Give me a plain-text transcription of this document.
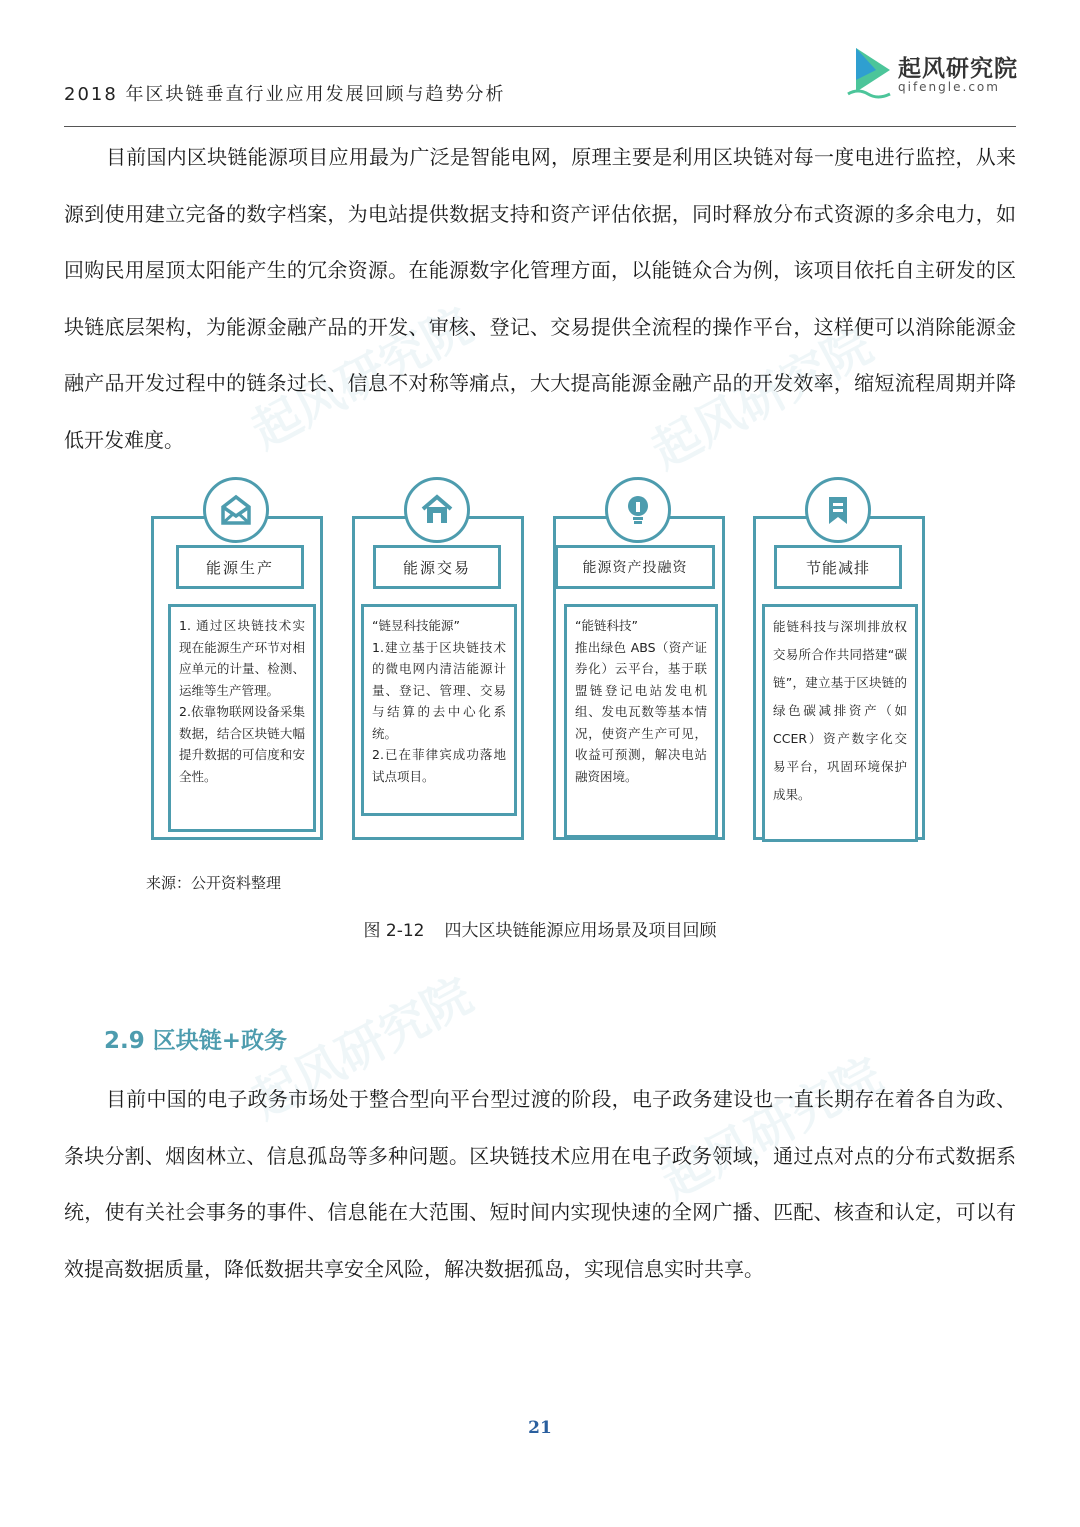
起风研究院	起风研究院
起风研究院	起风研究院
2018 年区块链垂直行业应用发展回顾与趋势分析
起风研究院
qifengle.com
目前国内区块链能源项目应用最为广泛是智能电网，原理主要是利用区块链对每一度电进行监控，从来源到使用建立完备的数字档案，为电站提供数据支持和资产评估依据，同时释放分布式资源的多余电力，如回购民用屋顶太阳能产生的冗余资源。在能源数字化管理方面，以能链众合为例，该项目依托自主研发的区块链底层架构，为能源金融产品的开发、审核、登记、交易提供全流程的操作平台，这样便可以消除能源金融产品开发过程中的链条过长、信息不对称等痛点，大大提高能源金融产品的开发效率，缩短流程周期并降低开发难度。
能源生产
1. 通过区块链技术实现在能源生产环节对相应单元的计量、检测、运维等生产管理。
2.依靠物联网设备采集数据，结合区块链大幅提升数据的可信度和安全性。
能源交易
“链昱科技能源”
1.建立基于区块链技术的微电网内清洁能源计量、登记、管理、交易与结算的去中心化系统。
2.已在菲律宾成功落地试点项目。
能源资产投融资
“能链科技”
推出绿色 ABS（资产证券化）云平台，基于联盟链登记电站发电机组、发电瓦数等基本情况，使资产生产可见，收益可预测，解决电站融资困境。
节能减排
能链科技与深圳排放权交易所合作共同搭建“碳链”，建立基于区块链的绿色碳减排资产（如 CCER）资产数字化交易平台，巩固环境保护成果。
来源：公开资料整理
图 2-12 四大区块链能源应用场景及项目回顾
2.9 区块链+政务
目前中国的电子政务市场处于整合型向平台型过渡的阶段，电子政务建设也一直长期存在着各自为政、条块分割、烟囱林立、信息孤岛等多种问题。区块链技术应用在电子政务领域，通过点对点的分布式数据系统，使有关社会事务的事件、信息能在大范围、短时间内实现快速的全网广播、匹配、核查和认定，可以有效提高数据质量，降低数据共享安全风险，解决数据孤岛，实现信息实时共享。
21
